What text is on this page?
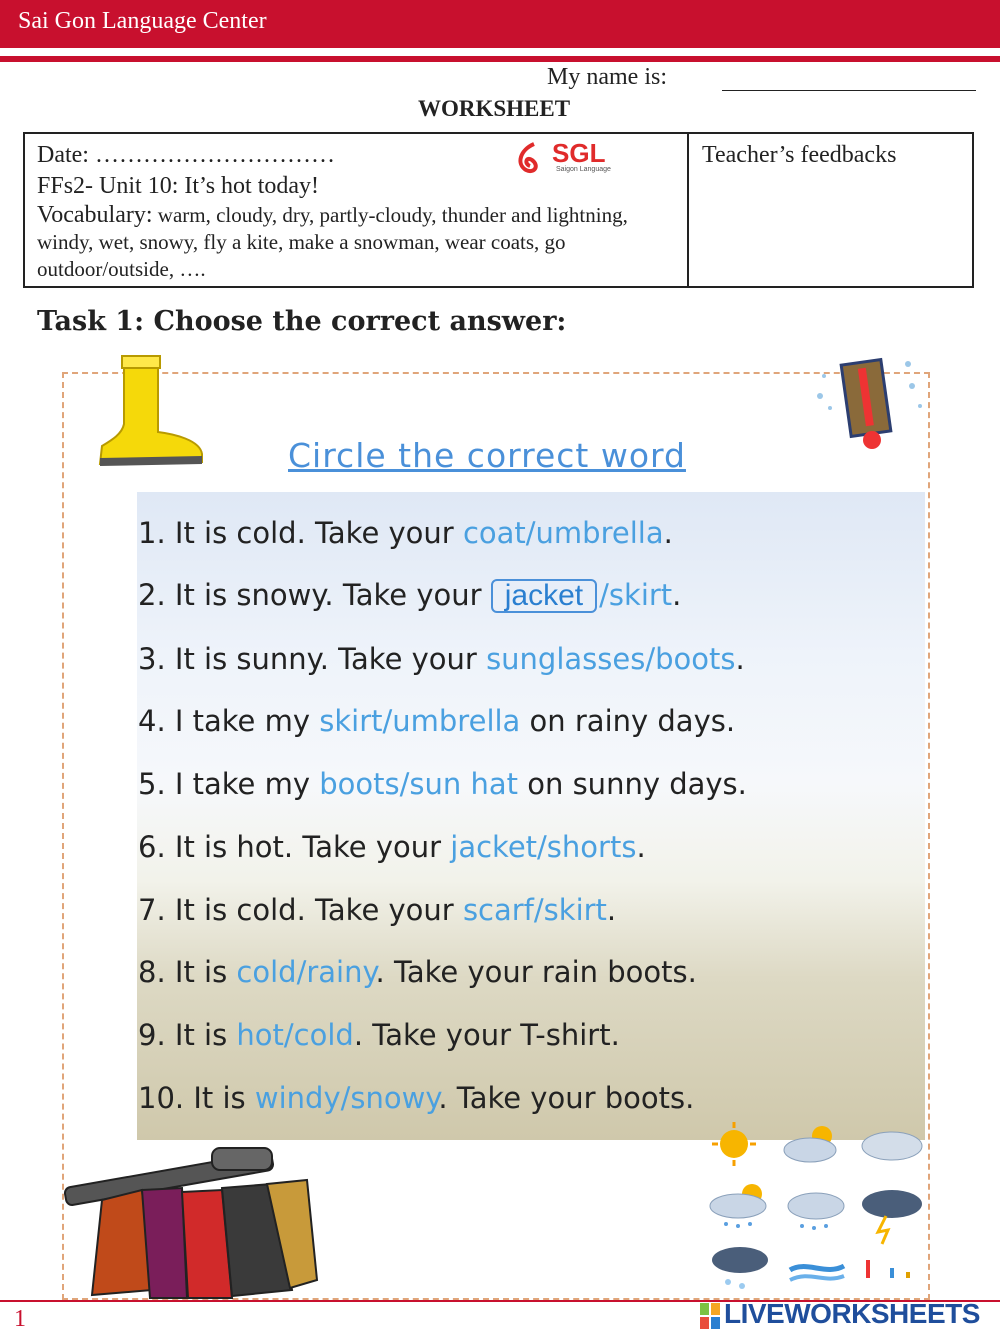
Sai Gon Language Center
My name is:
WORKSHEET
Date: …………………………
FFs2- Unit 10: It’s hot today!
Vocabulary: warm, cloudy, dry, partly-cloudy, thunder and lightning, windy, wet, snowy, fly a kite, make a snowman, wear coats, go outdoor/outside, ….
Teacher’s feedbacks
SGL
Saigon Language
Task 1: Choose the correct answer:
Circle the correct word
1. It is cold. Take your coat/umbrella.
2. It is snowy. Take your jacket /skirt.
3. It is sunny. Take your sunglasses/boots.
4. I take my skirt/umbrella on rainy days.
5. I take my boots/sun hat on sunny days.
6. It is hot. Take your jacket/shorts.
7. It is cold. Take your scarf/skirt.
8. It is cold/rainy. Take your rain boots.
9. It is hot/cold. Take your T-shirt.
10. It is windy/snowy. Take your boots.
1	LIVEWORKSHEETS
